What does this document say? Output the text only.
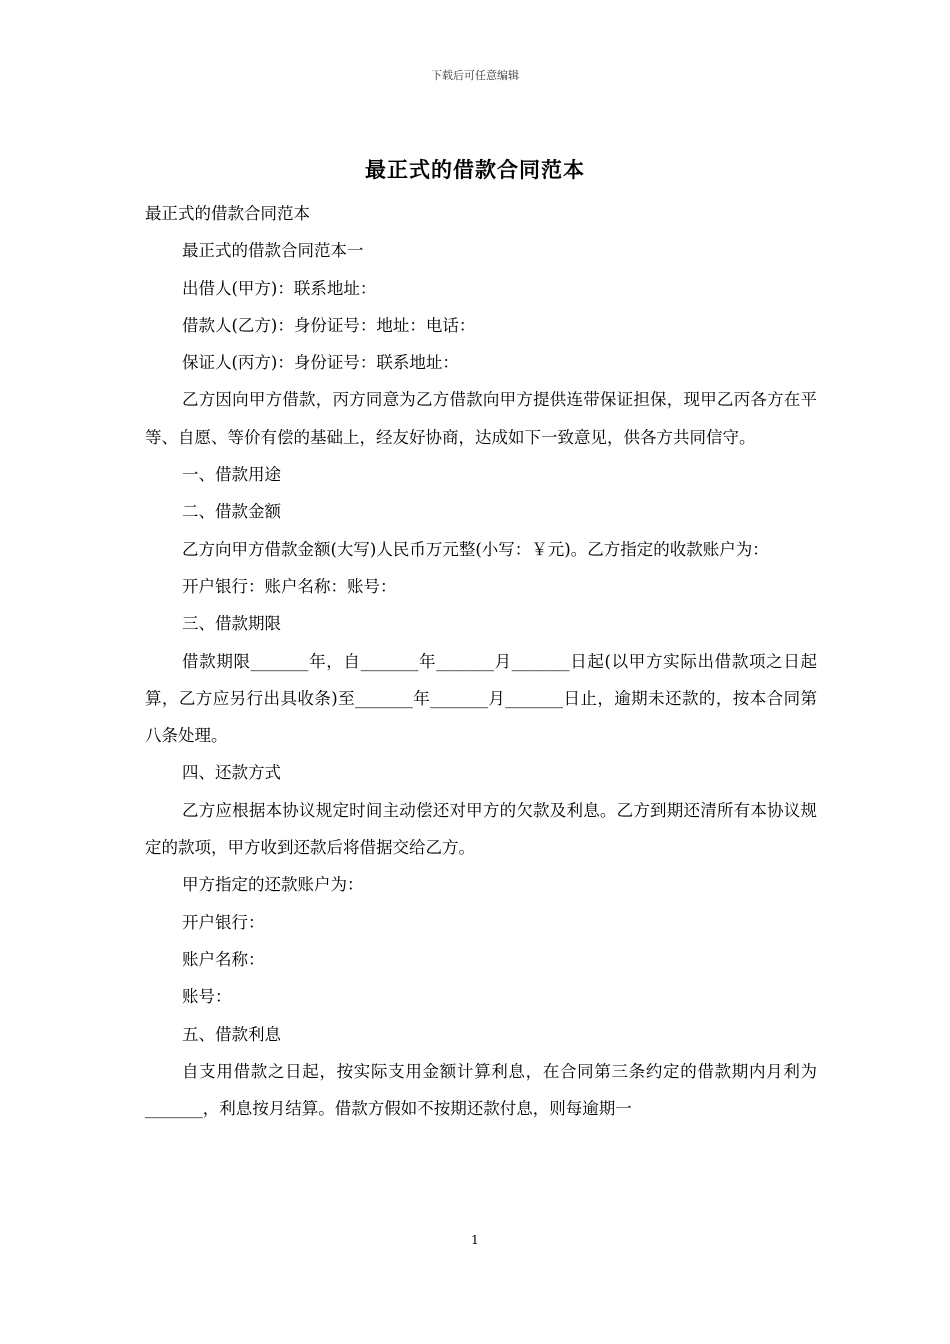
下载后可任意编辑
最正式的借款合同范本

最正式的借款合同范本

最正式的借款合同范本一

出借人(甲方)：联系地址：

借款人(乙方)：身份证号：地址：电话：

保证人(丙方)：身份证号：联系地址：

乙方因向甲方借款，丙方同意为乙方借款向甲方提供连带保证担保，现甲乙丙各方在平等、自愿、等价有偿的基础上，经友好协商，达成如下一致意见，供各方共同信守。

一、借款用途

二、借款金额

乙方向甲方借款金额(大写)人民币万元整(小写：￥元)。乙方指定的收款账户为：

开户银行：账户名称：账号：

三、借款期限

借款期限_______年，自_______年_______月_______日起(以甲方实际出借款项之日起算，乙方应另行出具收条)至_______年_______月_______日止，逾期未还款的，按本合同第八条处理。

四、还款方式

乙方应根据本协议规定时间主动偿还对甲方的欠款及利息。乙方到期还清所有本协议规定的款项，甲方收到还款后将借据交给乙方。

甲方指定的还款账户为：

开户银行：

账户名称：

账号：

五、借款利息

自支用借款之日起，按实际支用金额计算利息，在合同第三条约定的借款期内月利为_______，利息按月结算。借款方假如不按期还款付息，则每逾期一

1
